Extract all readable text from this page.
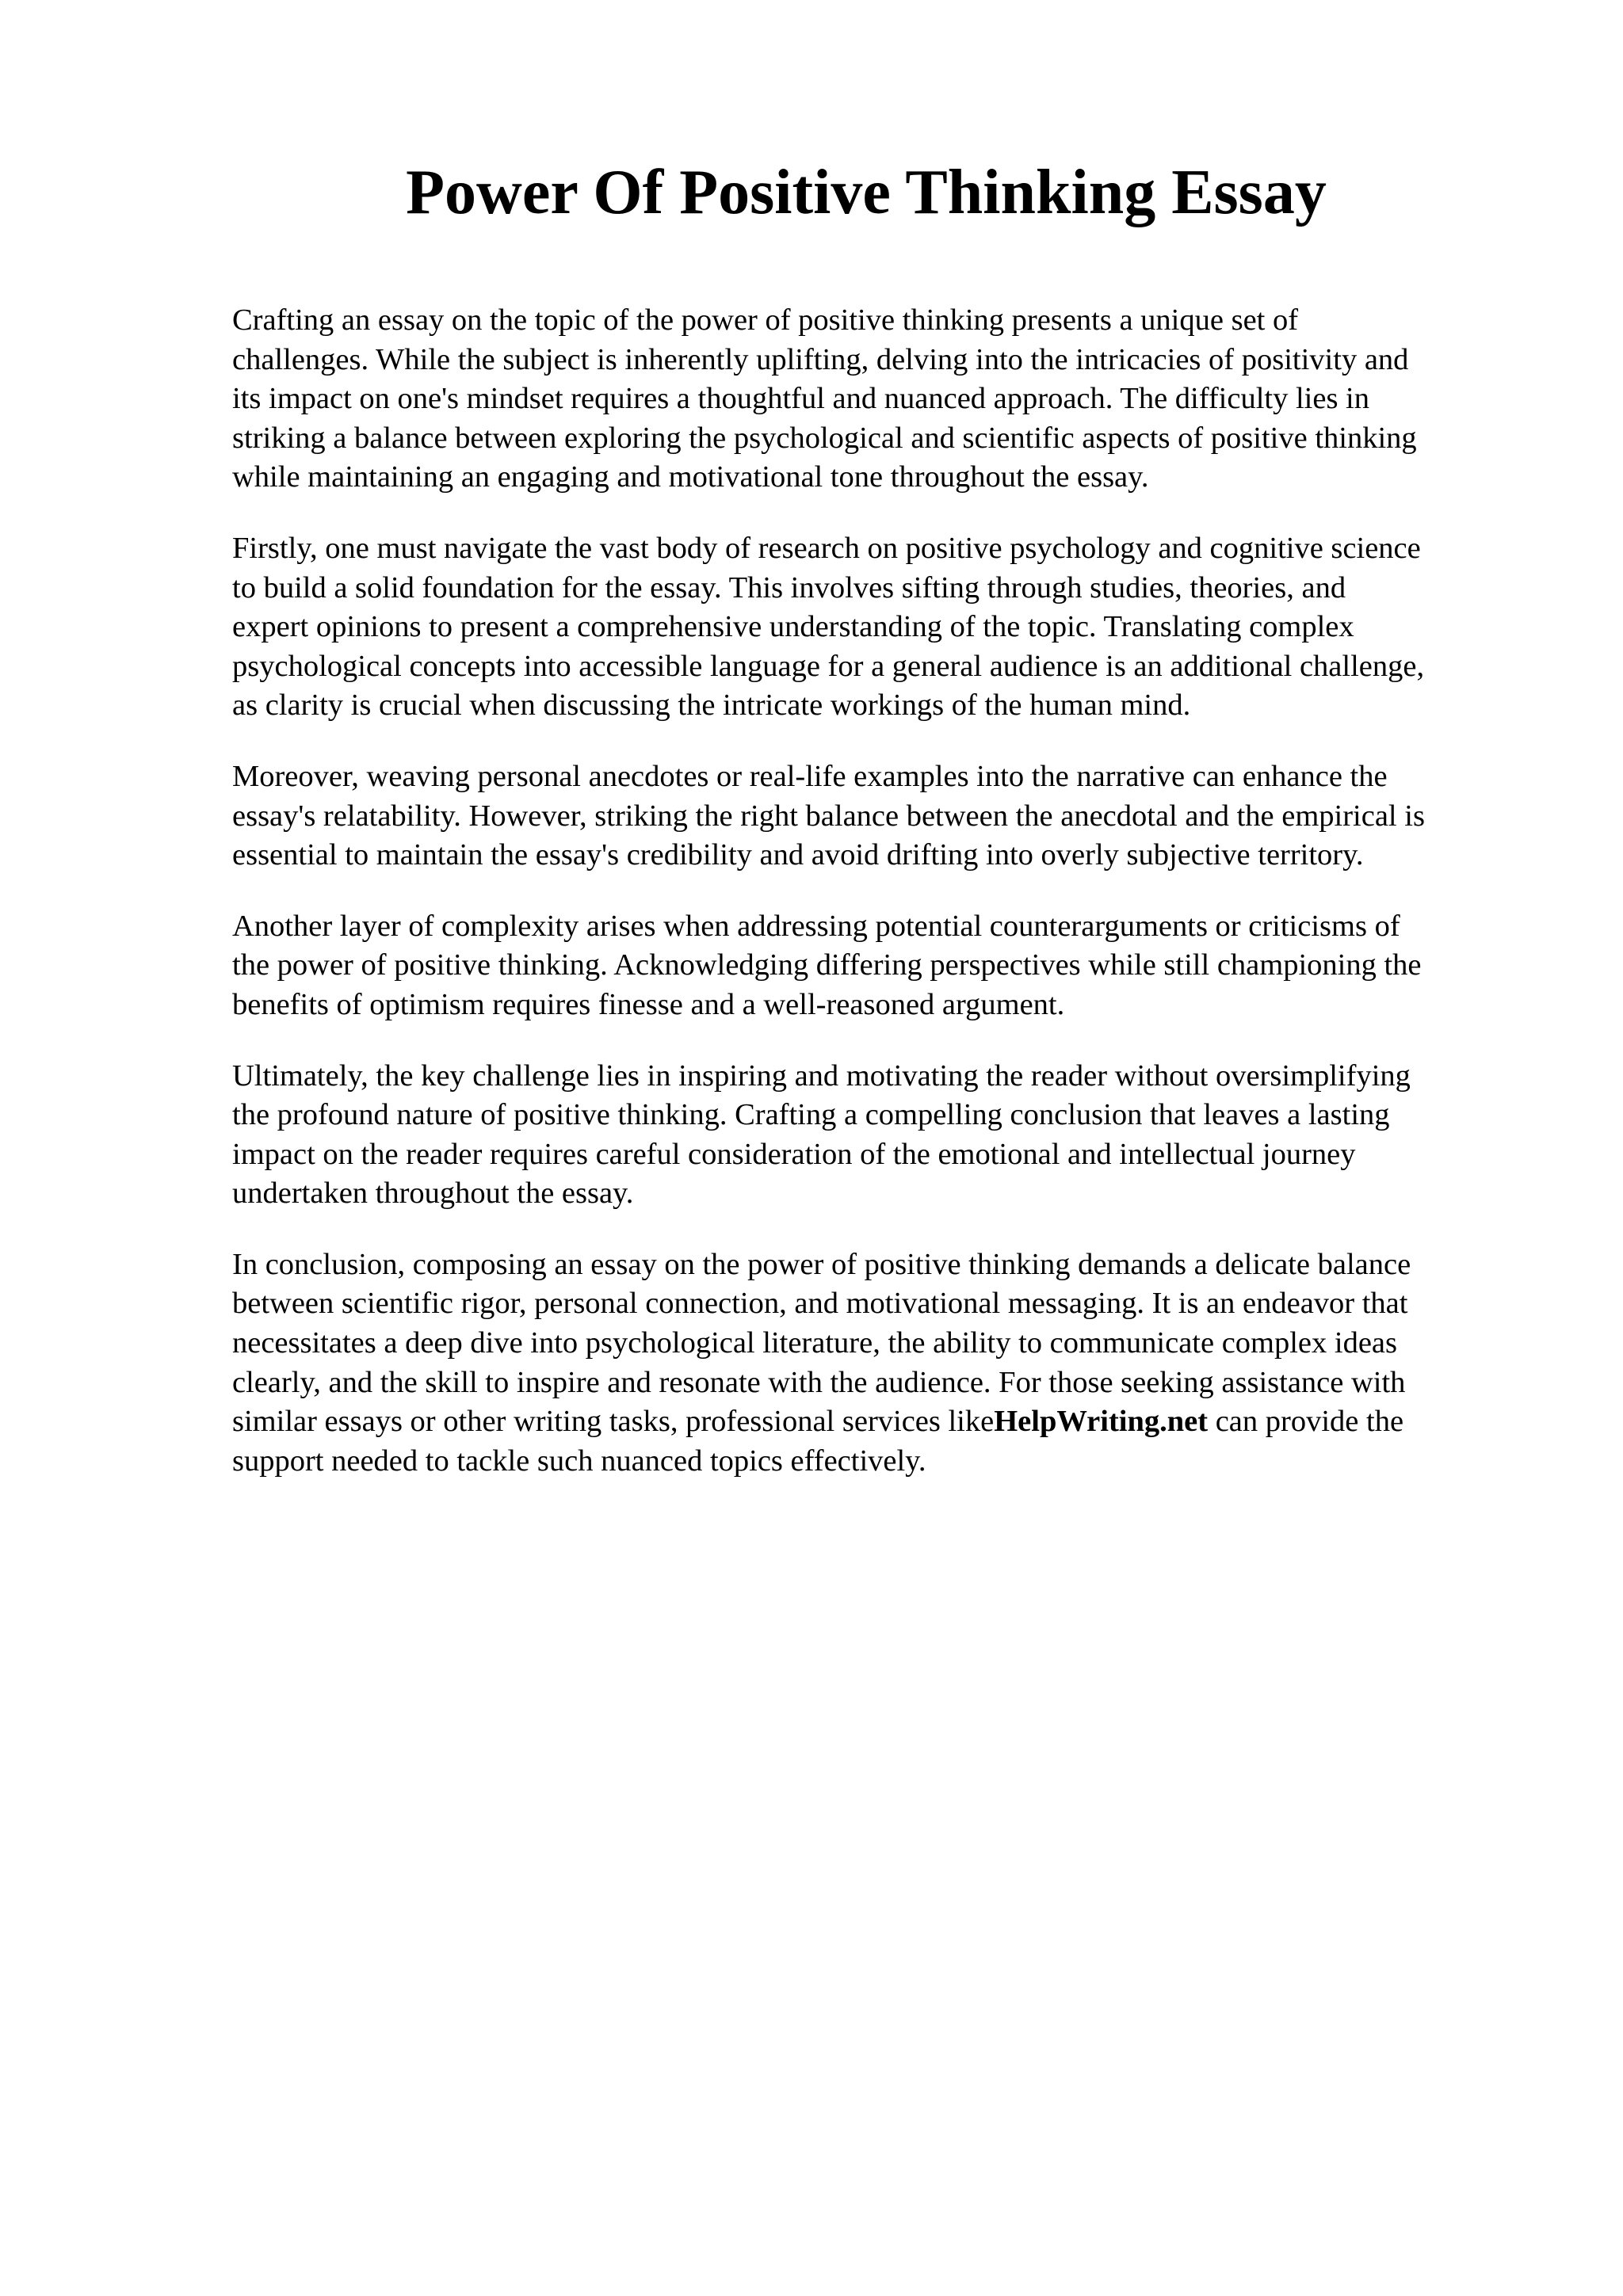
Power Of Positive Thinking Essay

Crafting an essay on the topic of the power of positive thinking presents a unique set of
challenges. While the subject is inherently uplifting, delving into the intricacies of positivity and
its impact on one's mindset requires a thoughtful and nuanced approach. The difficulty lies in
striking a balance between exploring the psychological and scientific aspects of positive thinking
while maintaining an engaging and motivational tone throughout the essay.

Firstly, one must navigate the vast body of research on positive psychology and cognitive science
to build a solid foundation for the essay. This involves sifting through studies, theories, and
expert opinions to present a comprehensive understanding of the topic. Translating complex
psychological concepts into accessible language for a general audience is an additional challenge,
as clarity is crucial when discussing the intricate workings of the human mind.

Moreover, weaving personal anecdotes or real-life examples into the narrative can enhance the
essay's relatability. However, striking the right balance between the anecdotal and the empirical is
essential to maintain the essay's credibility and avoid drifting into overly subjective territory.

Another layer of complexity arises when addressing potential counterarguments or criticisms of
the power of positive thinking. Acknowledging differing perspectives while still championing the
benefits of optimism requires finesse and a well-reasoned argument.

Ultimately, the key challenge lies in inspiring and motivating the reader without oversimplifying
the profound nature of positive thinking. Crafting a compelling conclusion that leaves a lasting
impact on the reader requires careful consideration of the emotional and intellectual journey
undertaken throughout the essay.

In conclusion, composing an essay on the power of positive thinking demands a delicate balance
between scientific rigor, personal connection, and motivational messaging. It is an endeavor that
necessitates a deep dive into psychological literature, the ability to communicate complex ideas
clearly, and the skill to inspire and resonate with the audience. For those seeking assistance with
similar essays or other writing tasks, professional services likeHelpWriting.net can provide the
support needed to tackle such nuanced topics effectively.
